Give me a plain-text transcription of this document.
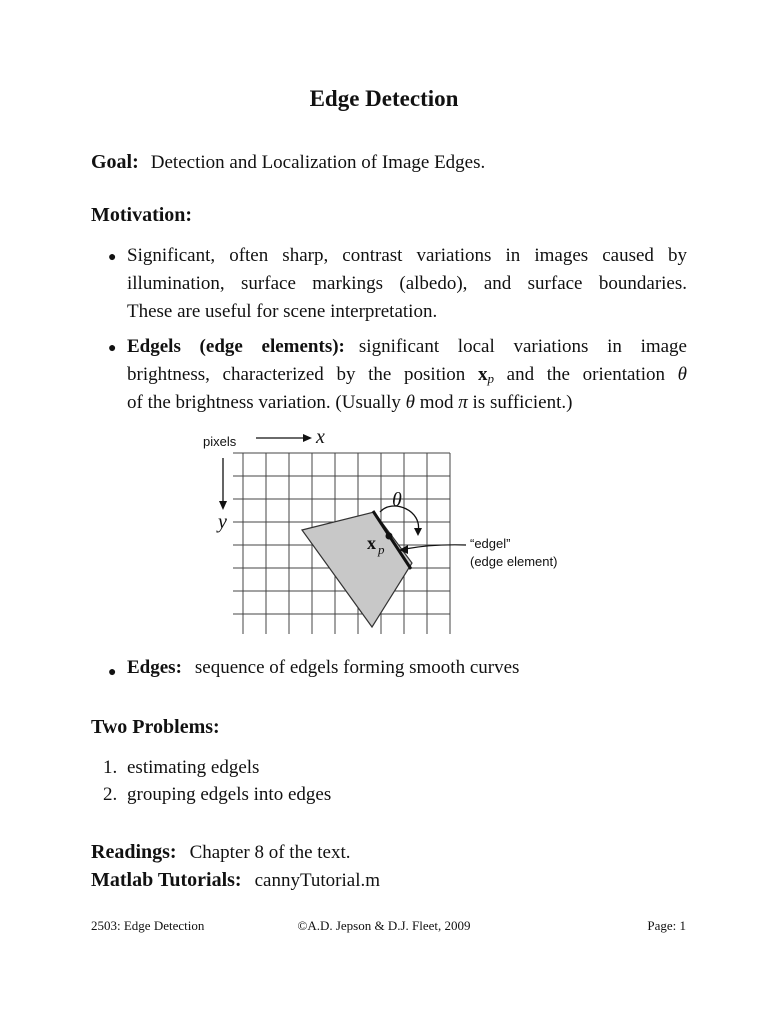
Edge Detection
Goal: Detection and Localization of Image Edges.
Motivation:
● Significant, often sharp, contrast variations in images caused by
illumination, surface markings (albedo), and surface boundaries.
These are useful for scene interpretation.
● Edgels (edge elements): significant local variations in image
brightness, characterized by the position $x_p$ and the orientation θ
of the brightness variation. (Usually θ mod π is sufficient.)
pixels	x
y
θ
x p	“edgel”
(edge element)
● Edges: sequence of edgels forming smooth curves
Two Problems:
1. estimating edgels
2. grouping edgels into edges
Readings: Chapter 8 of the text.
Matlab Tutorials: cannyTutorial.m
2503: Edge Detection	©A.D. Jepson & D.J. Fleet, 2009	Page: 1
